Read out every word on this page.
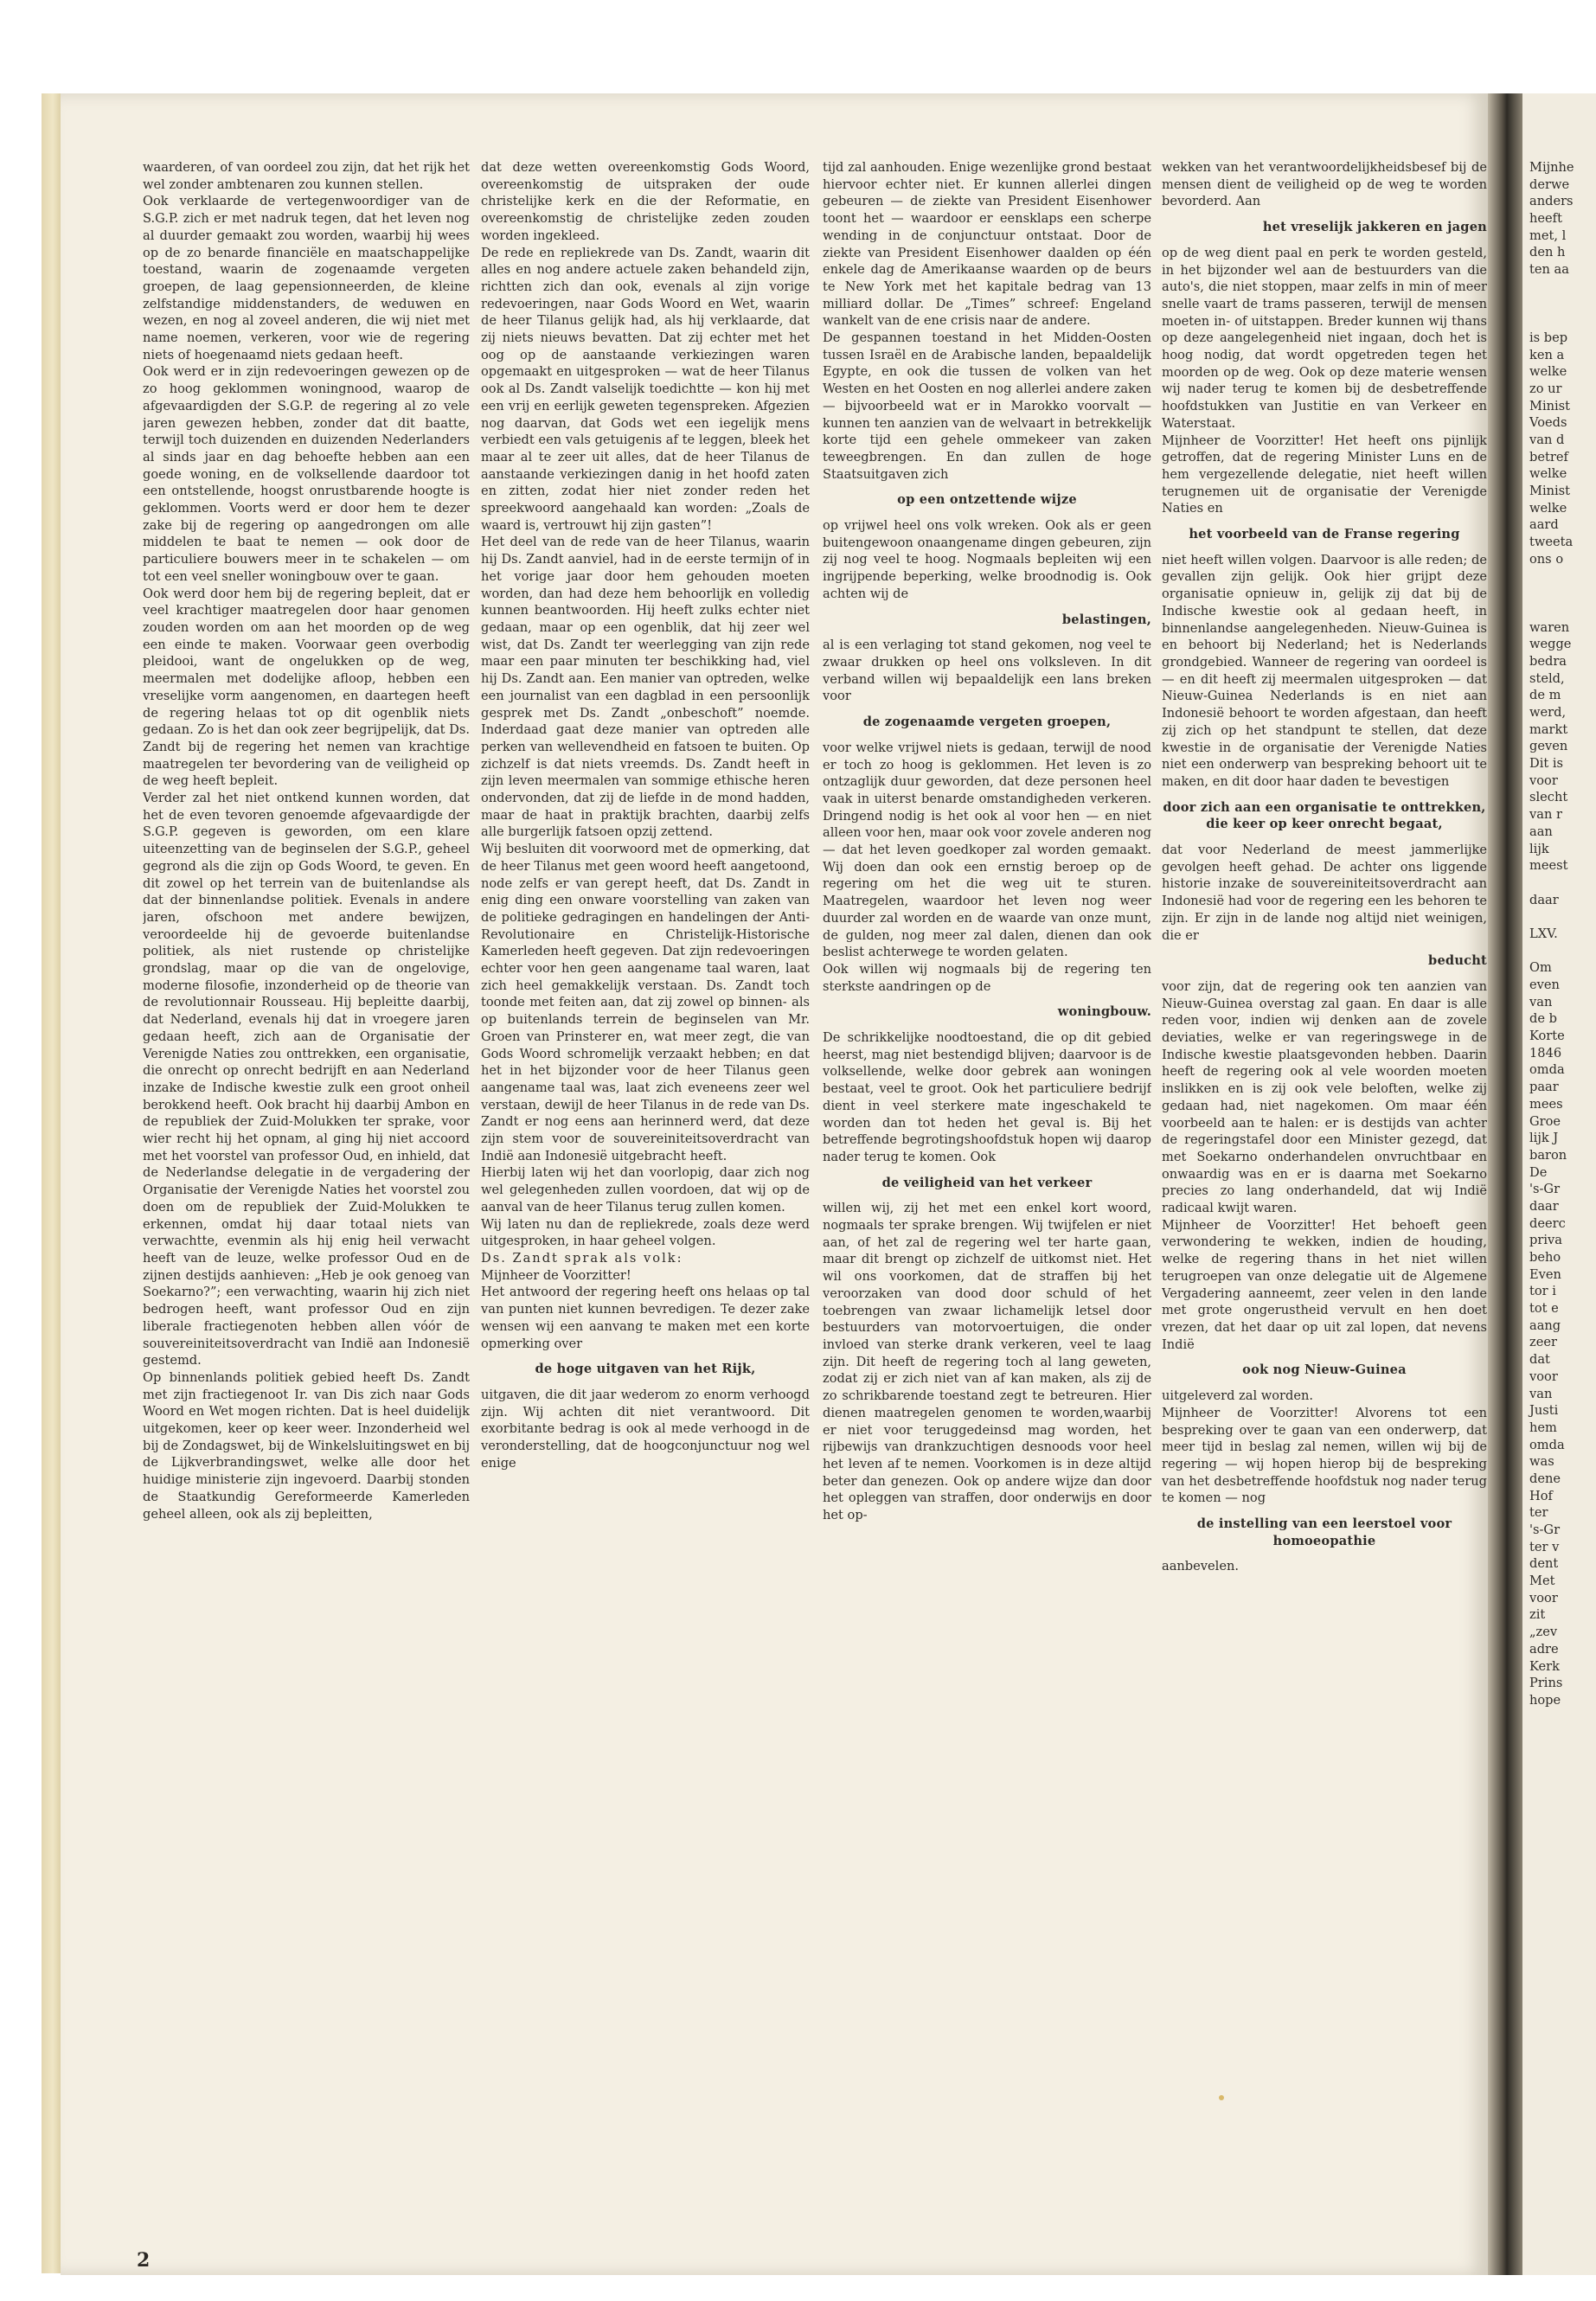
waarderen, of van oordeel zou zijn, dat het rijk het wel zonder ambtenaren zou kunnen stellen.

Ook verklaarde de vertegenwoordiger van de S.G.P. zich er met nadruk tegen, dat het leven nog al duurder gemaakt zou worden, waarbij hij wees op de zo benarde financiële en maatschappelijke toestand, waarin de zogenaamde vergeten groepen, de laag gepensionneerden, de kleine zelfstandige middenstanders, de weduwen en wezen, en nog al zoveel anderen, die wij niet met name noemen, verkeren, voor wie de regering niets of hoegenaamd niets gedaan heeft.

Ook werd er in zijn redevoeringen gewezen op de zo hoog geklommen woningnood, waarop de afgevaardigden der S.G.P. de regering al zo vele jaren gewezen hebben, zonder dat dit baatte, terwijl toch duizenden en duizenden Nederlanders al sinds jaar en dag behoefte hebben aan een goede woning, en de volksellende daardoor tot een ontstellende, hoogst onrustbarende hoogte is geklommen. Voorts werd er door hem te dezer zake bij de regering op aangedrongen om alle middelen te baat te nemen — ook door de particuliere bouwers meer in te schakelen — om tot een veel sneller woningbouw over te gaan.

Ook werd door hem bij de regering bepleit, dat er veel krachtiger maatregelen door haar genomen zouden worden om aan het moorden op de weg een einde te maken. Voorwaar geen overbodig pleidooi, want de ongelukken op de weg, meermalen met dodelijke afloop, hebben een vreselijke vorm aangenomen, en daartegen heeft de regering helaas tot op dit ogenblik niets gedaan. Zo is het dan ook zeer begrijpelijk, dat Ds. Zandt bij de regering het nemen van krachtige maatregelen ter bevordering van de veiligheid op de weg heeft bepleit.

Verder zal het niet ontkend kunnen worden, dat het de even tevoren genoemde afgevaardigde der S.G.P. gegeven is geworden, om een klare uiteenzetting van de beginselen der S.G.P., geheel gegrond als die zijn op Gods Woord, te geven. En dit zowel op het terrein van de buitenlandse als dat der binnenlandse politiek. Evenals in andere jaren, ofschoon met andere bewijzen, veroordeelde hij de gevoerde buitenlandse politiek, als niet rustende op christelijke grondslag, maar op die van de ongelovige, moderne filosofie, inzonderheid op de theorie van de revolutionnair Rousseau. Hij bepleitte daarbij, dat Nederland, evenals hij dat in vroegere jaren gedaan heeft, zich aan de Organisatie der Verenigde Naties zou onttrekken, een organisatie, die onrecht op onrecht bedrijft en aan Nederland inzake de Indische kwestie zulk een groot onheil berokkend heeft. Ook bracht hij daarbij Ambon en de republiek der Zuid-Molukken ter sprake, voor wier recht hij het opnam, al ging hij niet accoord met het voorstel van professor Oud, en inhield, dat de Nederlandse delegatie in de vergadering der Organisatie der Verenigde Naties het voorstel zou doen om de republiek der Zuid-Molukken te erkennen, omdat hij daar totaal niets van verwachtte, evenmin als hij enig heil verwacht heeft van de leuze, welke professor Oud en de zijnen destijds aanhieven: „Heb je ook genoeg van Soekarno?”; een verwachting, waarin hij zich niet bedrogen heeft, want professor Oud en zijn liberale fractiegenoten hebben allen vóór de souvereiniteitsoverdracht van Indië aan Indonesië gestemd.

Op binnenlands politiek gebied heeft Ds. Zandt met zijn fractiegenoot Ir. van Dis zich naar Gods Woord en Wet mogen richten. Dat is heel duidelijk uitgekomen, keer op keer weer. Inzonderheid wel bij de Zondagswet, bij de Winkelsluitingswet en bij de Lijkverbrandingswet, welke alle door het huidige ministerie zijn ingevoerd. Daarbij stonden de Staatkundig Gereformeerde Kamerleden geheel alleen, ook als zij bepleitten,

dat deze wetten overeenkomstig Gods Woord, overeenkomstig de uitspraken der oude christelijke kerk en die der Reformatie, en overeenkomstig de christelijke zeden zouden worden ingekleed.

De rede en repliekrede van Ds. Zandt, waarin dit alles en nog andere actuele zaken behandeld zijn, richtten zich dan ook, evenals al zijn vorige redevoeringen, naar Gods Woord en Wet, waarin de heer Tilanus gelijk had, als hij verklaarde, dat zij niets nieuws bevatten. Dat zij echter met het oog op de aanstaande verkiezingen waren opgemaakt en uitgesproken — wat de heer Tilanus ook al Ds. Zandt valselijk toedichtte — kon hij met een vrij en eerlijk geweten tegenspreken. Afgezien nog daarvan, dat Gods wet een iegelijk mens verbiedt een vals getuigenis af te leggen, bleek het maar al te zeer uit alles, dat de heer Tilanus de aanstaande verkiezingen danig in het hoofd zaten en zitten, zodat hier niet zonder reden het spreekwoord aangehaald kan worden: „Zoals de waard is, vertrouwt hij zijn gasten”!

Het deel van de rede van de heer Tilanus, waarin hij Ds. Zandt aanviel, had in de eerste termijn of in het vorige jaar door hem gehouden moeten worden, dan had deze hem behoorlijk en volledig kunnen beantwoorden. Hij heeft zulks echter niet gedaan, maar op een ogenblik, dat hij zeer wel wist, dat Ds. Zandt ter weerlegging van zijn rede maar een paar minuten ter beschikking had, viel hij Ds. Zandt aan. Een manier van optreden, welke een journalist van een dagblad in een persoonlijk gesprek met Ds. Zandt „onbeschoft” noemde. Inderdaad gaat deze manier van optreden alle perken van wellevendheid en fatsoen te buiten. Op zichzelf is dat niets vreemds. Ds. Zandt heeft in zijn leven meermalen van sommige ethische heren ondervonden, dat zij de liefde in de mond hadden, maar de haat in praktijk brachten, daarbij zelfs alle burgerlijk fatsoen opzij zettend.

Wij besluiten dit voorwoord met de opmerking, dat de heer Tilanus met geen woord heeft aangetoond, node zelfs er van gerept heeft, dat Ds. Zandt in enig ding een onware voorstelling van zaken van de politieke gedragingen en handelingen der Anti-Revolutionaire en Christelijk-Historische Kamerleden heeft gegeven. Dat zijn redevoeringen echter voor hen geen aangename taal waren, laat zich heel gemakkelijk verstaan. Ds. Zandt toch toonde met feiten aan, dat zij zowel op binnen- als op buitenlands terrein de beginselen van Mr. Groen van Prinsterer en, wat meer zegt, die van Gods Woord schromelijk verzaakt hebben; en dat het in het bijzonder voor de heer Tilanus geen aangename taal was, laat zich eveneens zeer wel verstaan, dewijl de heer Tilanus in de rede van Ds. Zandt er nog eens aan herinnerd werd, dat deze zijn stem voor de souvereiniteitsoverdracht van Indië aan Indonesië uitgebracht heeft.

Hierbij laten wij het dan voorlopig, daar zich nog wel gelegenheden zullen voordoen, dat wij op de aanval van de heer Tilanus terug zullen komen.

Wij laten nu dan de repliekrede, zoals deze werd uitgesproken, in haar geheel volgen.

Ds. Zandt sprak als volk:

Mijnheer de Voorzitter!

Het antwoord der regering heeft ons helaas op tal van punten niet kunnen bevredigen. Te dezer zake wensen wij een aanvang te maken met een korte opmerking over

de hoge uitgaven van het Rijk,

uitgaven, die dit jaar wederom zo enorm verhoogd zijn. Wij achten dit niet verantwoord. Dit exorbitante bedrag is ook al mede verhoogd in de veronderstelling, dat de hoogconjunctuur nog wel enige

tijd zal aanhouden. Enige wezenlijke grond bestaat hiervoor echter niet. Er kunnen allerlei dingen gebeuren — de ziekte van President Eisenhower toont het — waardoor er eensklaps een scherpe wending in de conjunctuur ontstaat. Door de ziekte van President Eisenhower daalden op één enkele dag de Amerikaanse waarden op de beurs te New York met het kapitale bedrag van 13 milliard dollar. De „Times” schreef: Engeland wankelt van de ene crisis naar de andere.

De gespannen toestand in het Midden-Oosten tussen Israël en de Arabische landen, bepaaldelijk Egypte, en ook die tussen de volken van het Westen en het Oosten en nog allerlei andere zaken — bijvoorbeeld wat er in Marokko voorvalt — kunnen ten aanzien van de welvaart in betrekkelijk korte tijd een gehele ommekeer van zaken teweegbrengen. En dan zullen de hoge Staatsuitgaven zich

op een ontzettende wijze

op vrijwel heel ons volk wreken. Ook als er geen buitengewoon onaangename dingen gebeuren, zijn zij nog veel te hoog. Nogmaals bepleiten wij een ingrijpende beperking, welke broodnodig is. Ook achten wij de

belastingen,

al is een verlaging tot stand gekomen, nog veel te zwaar drukken op heel ons volksleven. In dit verband willen wij bepaaldelijk een lans breken voor

de zogenaamde vergeten groepen,

voor welke vrijwel niets is gedaan, terwijl de nood er toch zo hoog is geklommen. Het leven is zo ontzaglijk duur geworden, dat deze personen heel vaak in uiterst benarde omstandigheden verkeren. Dringend nodig is het ook al voor hen — en niet alleen voor hen, maar ook voor zovele anderen nog — dat het leven goedkoper zal worden gemaakt. Wij doen dan ook een ernstig beroep op de regering om het die weg uit te sturen. Maatregelen, waardoor het leven nog weer duurder zal worden en de waarde van onze munt, de gulden, nog meer zal dalen, dienen dan ook beslist achterwege te worden gelaten.

Ook willen wij nogmaals bij de regering ten sterkste aandringen op de

woningbouw.

De schrikkelijke noodtoestand, die op dit gebied heerst, mag niet bestendigd blijven; daarvoor is de volksellende, welke door gebrek aan woningen bestaat, veel te groot. Ook het particuliere bedrijf dient in veel sterkere mate ingeschakeld te worden dan tot heden het geval is. Bij het betreffende begrotingshoofdstuk hopen wij daarop nader terug te komen. Ook

de veiligheid van het verkeer

willen wij, zij het met een enkel kort woord, nogmaals ter sprake brengen. Wij twijfelen er niet aan, of het zal de regering wel ter harte gaan, maar dit brengt op zichzelf de uitkomst niet. Het wil ons voorkomen, dat de straffen bij het veroorzaken van dood door schuld of het toebrengen van zwaar lichamelijk letsel door bestuurders van motorvoertuigen, die onder invloed van sterke drank verkeren, veel te laag zijn. Dit heeft de regering toch al lang geweten, zodat zij er zich niet van af kan maken, als zij de zo schrikbarende toestand zegt te betreuren. Hier dienen maatregelen genomen te worden,waarbij er niet voor teruggedeinsd mag worden, het rijbewijs van drankzuchtigen desnoods voor heel het leven af te nemen. Voorkomen is in deze altijd beter dan genezen. Ook op andere wijze dan door het opleggen van straffen, door onderwijs en door het op-

wekken van het verantwoordelijkheidsbesef bij de mensen dient de veiligheid op de weg te worden bevorderd. Aan

het vreselijk jakkeren en jagen

op de weg dient paal en perk te worden gesteld, in het bijzonder wel aan de bestuurders van die auto's, die niet stoppen, maar zelfs in min of meer snelle vaart de trams passeren, terwijl de mensen moeten in- of uitstappen. Breder kunnen wij thans op deze aangelegenheid niet ingaan, doch het is hoog nodig, dat wordt opgetreden tegen het moorden op de weg. Ook op deze materie wensen wij nader terug te komen bij de desbetreffende hoofdstukken van Justitie en van Verkeer en Waterstaat.

Mijnheer de Voorzitter! Het heeft ons pijnlijk getroffen, dat de regering Minister Luns en de hem vergezellende delegatie, niet heeft willen terugnemen uit de organisatie der Verenigde Naties en

het voorbeeld van de Franse regering

niet heeft willen volgen. Daarvoor is alle reden; de gevallen zijn gelijk. Ook hier grijpt deze organisatie opnieuw in, gelijk zij dat bij de Indische kwestie ook al gedaan heeft, in binnenlandse aangelegenheden. Nieuw-Guinea is en behoort bij Nederland; het is Nederlands grondgebied. Wanneer de regering van oordeel is — en dit heeft zij meermalen uitgesproken — dat Nieuw-Guinea Nederlands is en niet aan Indonesië behoort te worden afgestaan, dan heeft zij zich op het standpunt te stellen, dat deze kwestie in de organisatie der Verenigde Naties niet een onderwerp van bespreking behoort uit te maken, en dit door haar daden te bevestigen

door zich aan een organisatie te onttrekken, die keer op keer onrecht begaat,

dat voor Nederland de meest jammerlijke gevolgen heeft gehad. De achter ons liggende historie inzake de souvereiniteitsoverdracht aan Indonesië had voor de regering een les behoren te zijn. Er zijn in de lande nog altijd niet weinigen, die er

beducht

voor zijn, dat de regering ook ten aanzien van Nieuw-Guinea overstag zal gaan. En daar is alle reden voor, indien wij denken aan de zovele deviaties, welke er van regeringswege in de Indische kwestie plaatsgevonden hebben. Daarin heeft de regering ook al vele woorden moeten inslikken en is zij ook vele beloften, welke zij gedaan had, niet nagekomen. Om maar één voorbeeld aan te halen: er is destijds van achter de regeringstafel door een Minister gezegd, dat met Soekarno onderhandelen onvruchtbaar en onwaardig was en er is daarna met Soekarno precies zo lang onderhandeld, dat wij Indië radicaal kwijt waren.

Mijnheer de Voorzitter! Het behoeft geen verwondering te wekken, indien de houding, welke de regering thans in het niet willen terugroepen van onze delegatie uit de Algemene Vergadering aanneemt, zeer velen in den lande met grote ongerustheid vervult en hen doet vrezen, dat het daar op uit zal lopen, dat nevens Indië

ook nog Nieuw-Guinea

uitgeleverd zal worden.

Mijnheer de Voorzitter! Alvorens tot een bespreking over te gaan van een onderwerp, dat meer tijd in beslag zal nemen, willen wij bij de regering — wij hopen hierop bij de bespreking van het desbetreffende hoofdstuk nog nader terug te komen — nog

de instelling van een leerstoel voor homoeopathie

aanbevelen.

Mijnhe
derwe
anders
heeft
met, l
den h
ten aa
is bep
ken a
welke
zo ur
Minist
Voeds
van d
betref
welke
Minist
welke
aard
tweeta
ons o
waren
wegge
bedra
steld,
de m
werd,
markt
geven
Dit is
voor
slecht
van r
aan
lijk
meest
daar
LXV.
Om
even
van
de b
Korte
1846
omda
paar
mees
Groe
lijk J
baron
De
's-Gr
daar
deerc
priva
beho
Even
tor i
tot e
aang
zeer
dat
voor
van
Justi
hem
omda
was
dene
Hof
ter
's-Gr
ter v
dent
Met
voor
zit
„zev
adre
Kerk
Prins
hope
2
